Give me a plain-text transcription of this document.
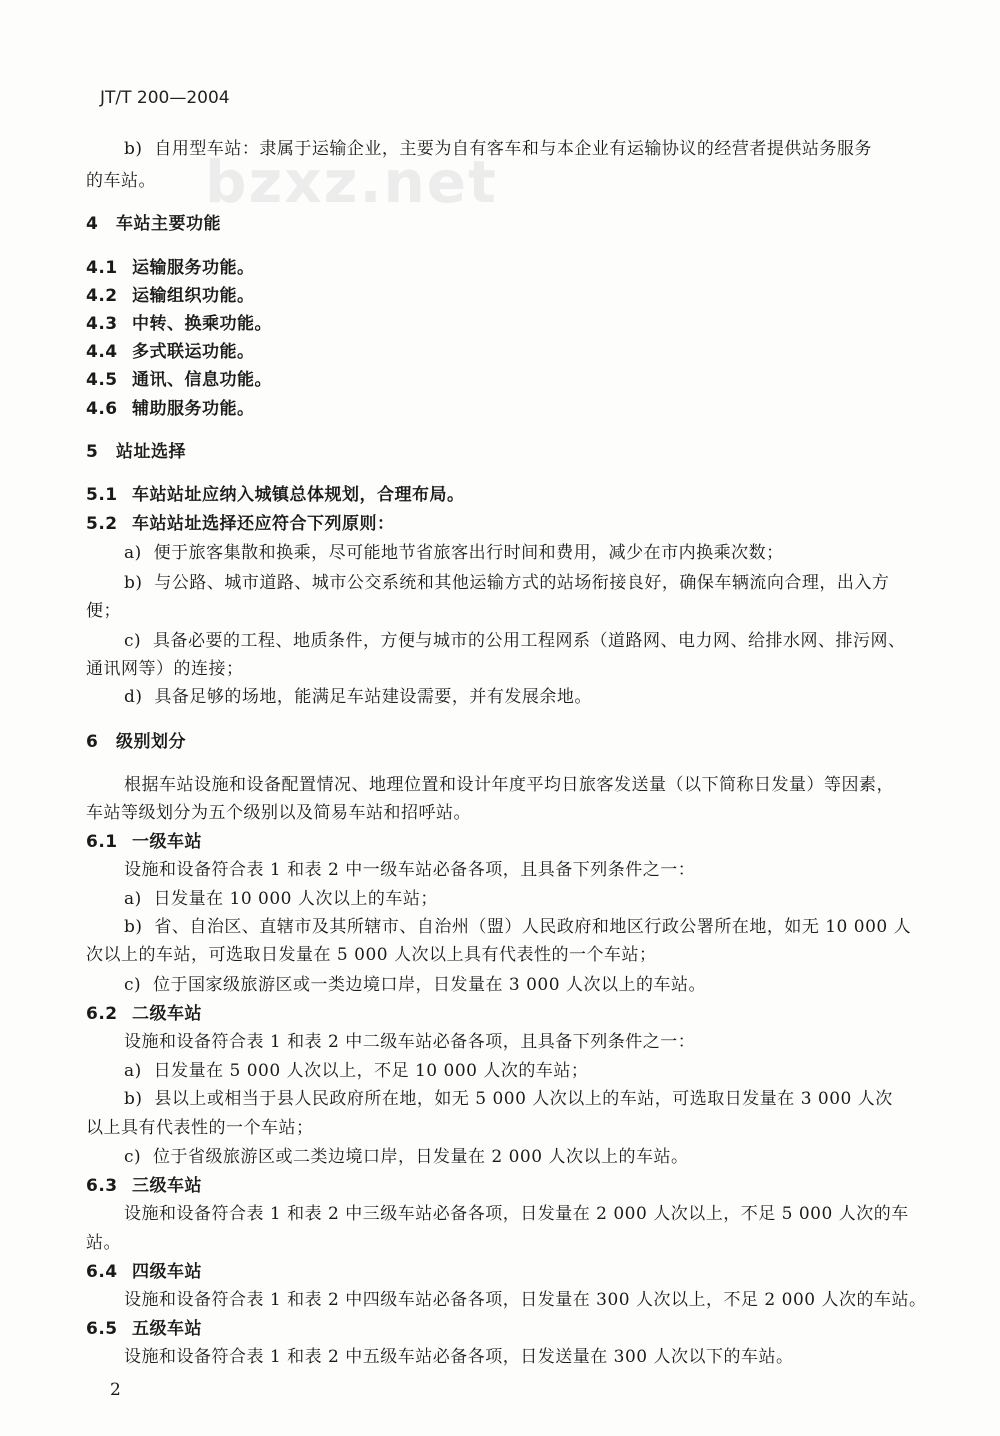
bzxz.net
JT/T 200—2004
b) 自用型车站：隶属于运输企业，主要为自有客车和与本企业有运输协议的经营者提供站务服务
的车站。
4 车站主要功能
4.1 运输服务功能。
4.2 运输组织功能。
4.3 中转、换乘功能。
4.4 多式联运功能。
4.5 通讯、信息功能。
4.6 辅助服务功能。
5 站址选择
5.1 车站站址应纳入城镇总体规划，合理布局。
5.2 车站站址选择还应符合下列原则：
a) 便于旅客集散和换乘，尽可能地节省旅客出行时间和费用，减少在市内换乘次数；
b) 与公路、城市道路、城市公交系统和其他运输方式的站场衔接良好，确保车辆流向合理，出入方
便；
c) 具备必要的工程、地质条件，方便与城市的公用工程网系（道路网、电力网、给排水网、排污网、
通讯网等）的连接；
d) 具备足够的场地，能满足车站建设需要，并有发展余地。
6 级别划分
根据车站设施和设备配置情况、地理位置和设计年度平均日旅客发送量（以下简称日发量）等因素，
车站等级划分为五个级别以及简易车站和招呼站。
6.1 一级车站
设施和设备符合表 1 和表 2 中一级车站必备各项，且具备下列条件之一：
a) 日发量在 10 000 人次以上的车站；
b) 省、自治区、直辖市及其所辖市、自治州（盟）人民政府和地区行政公署所在地，如无 10 000 人
次以上的车站，可选取日发量在 5 000 人次以上具有代表性的一个车站；
c) 位于国家级旅游区或一类边境口岸，日发量在 3 000 人次以上的车站。
6.2 二级车站
设施和设备符合表 1 和表 2 中二级车站必备各项，且具备下列条件之一：
a) 日发量在 5 000 人次以上，不足 10 000 人次的车站；
b) 县以上或相当于县人民政府所在地，如无 5 000 人次以上的车站，可选取日发量在 3 000 人次
以上具有代表性的一个车站；
c) 位于省级旅游区或二类边境口岸，日发量在 2 000 人次以上的车站。
6.3 三级车站
设施和设备符合表 1 和表 2 中三级车站必备各项，日发量在 2 000 人次以上，不足 5 000 人次的车
站。
6.4 四级车站
设施和设备符合表 1 和表 2 中四级车站必备各项，日发量在 300 人次以上，不足 2 000 人次的车站。
6.5 五级车站
设施和设备符合表 1 和表 2 中五级车站必备各项，日发送量在 300 人次以下的车站。
2
